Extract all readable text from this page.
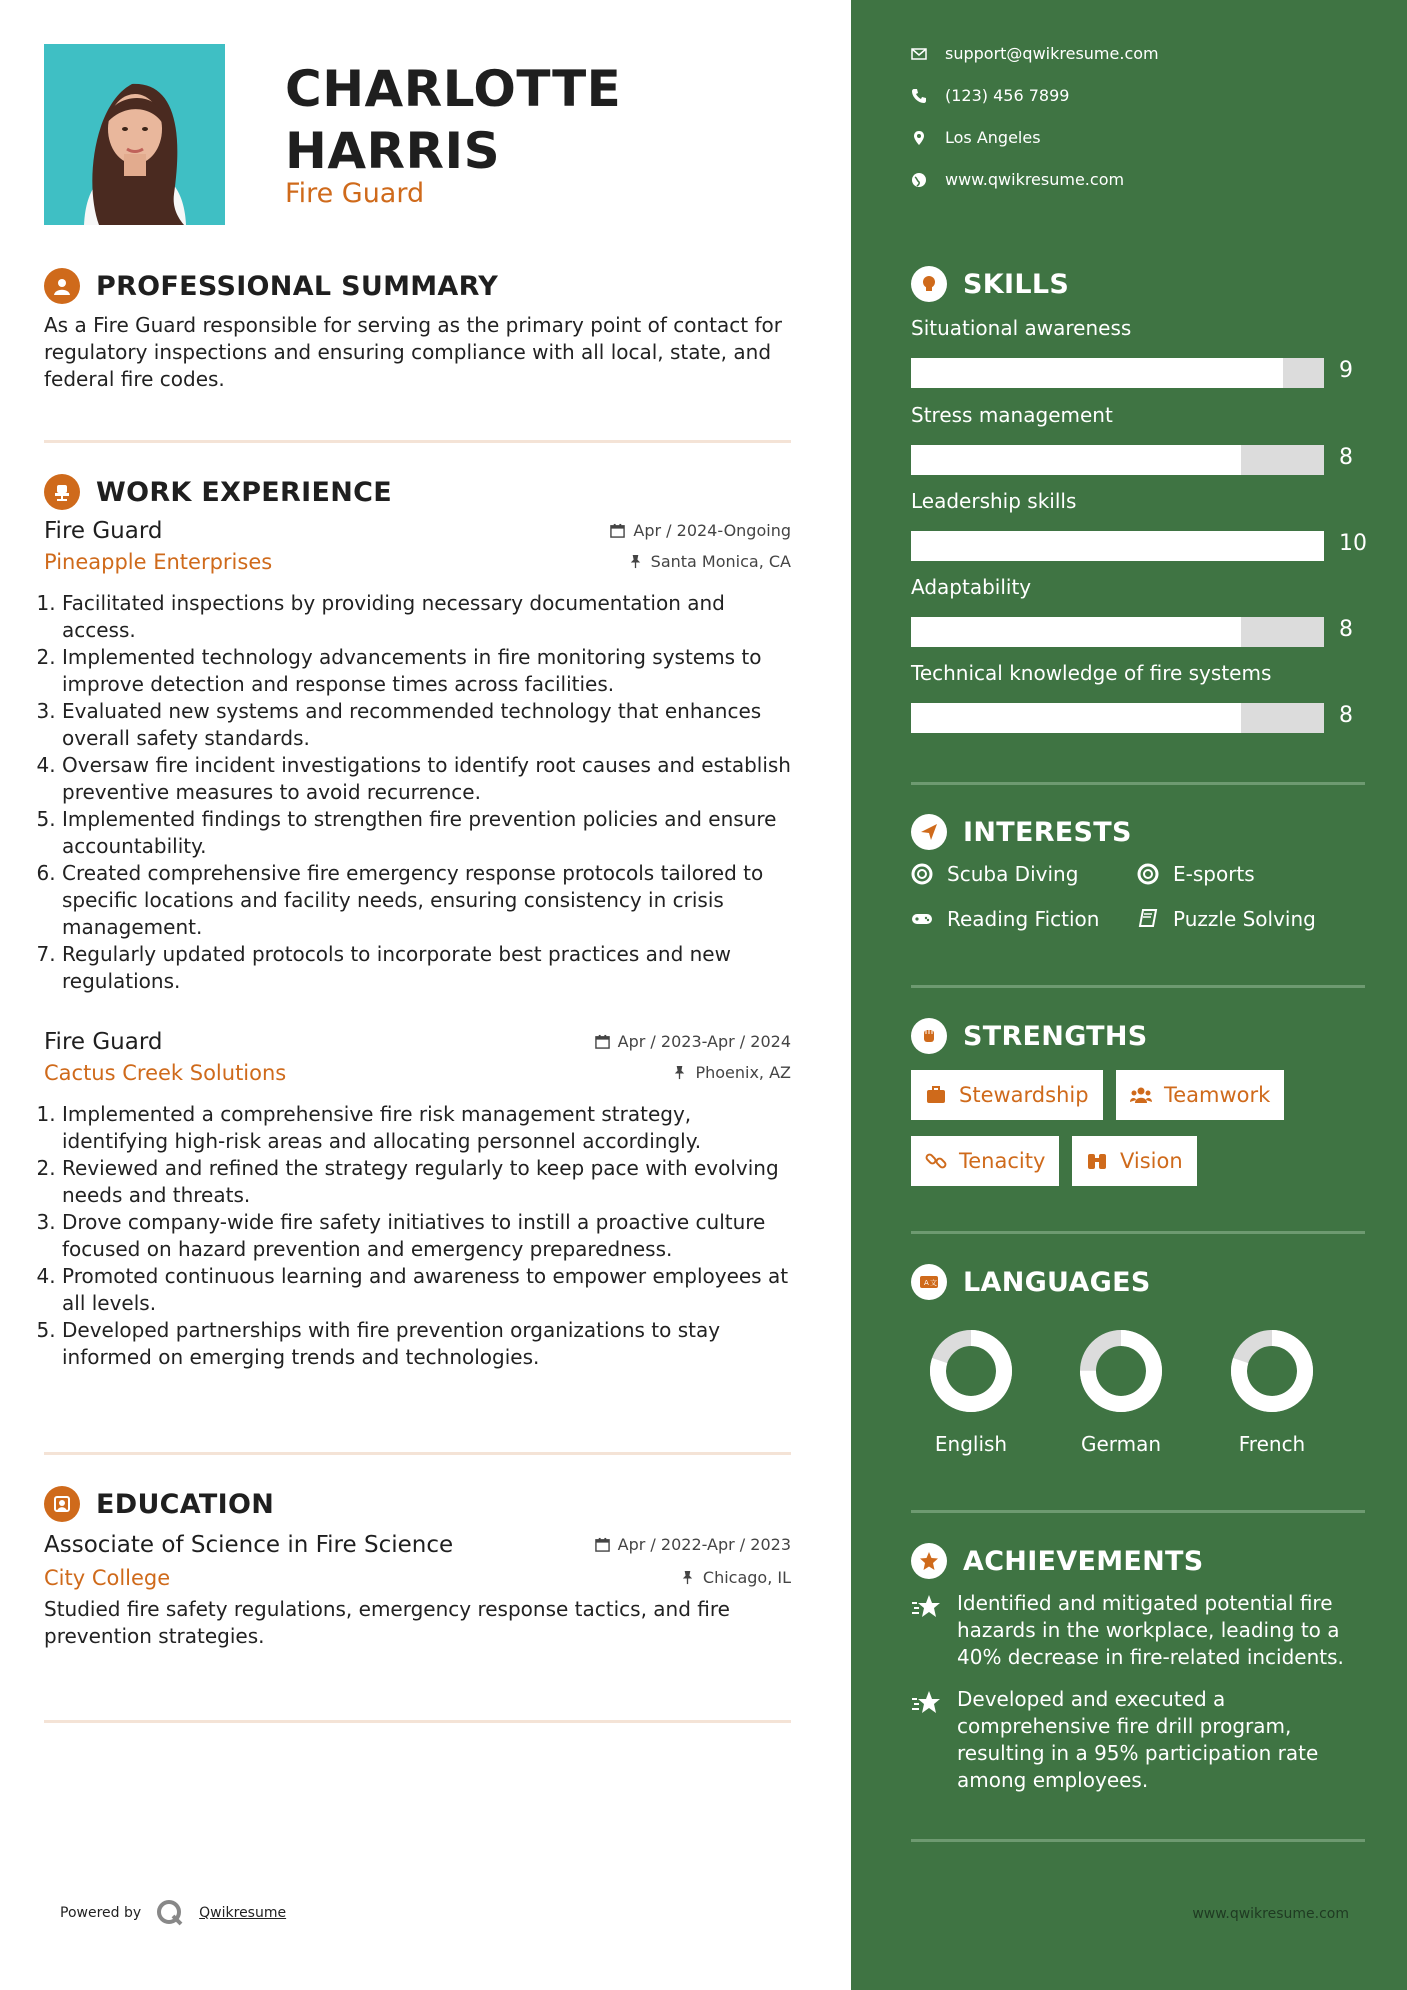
CHARLOTTE
HARRIS
Fire Guard
PROFESSIONAL SUMMARY

As a Fire Guard responsible for serving as the primary point of contact for regulatory inspections and ensuring compliance with all local, state, and federal fire codes.

WORK EXPERIENCE
Fire Guard	Apr / 2024-Ongoing
Pineapple Enterprises	Santa Monica, CA
1. Facilitated inspections by providing necessary documentation and access.
2. Implemented technology advancements in fire monitoring systems to improve detection and response times across facilities.
3. Evaluated new systems and recommended technology that enhances overall safety standards.
4. Oversaw fire incident investigations to identify root causes and establish preventive measures to avoid recurrence.
5. Implemented findings to strengthen fire prevention policies and ensure accountability.
6. Created comprehensive fire emergency response protocols tailored to specific locations and facility needs, ensuring consistency in crisis management.
7. Regularly updated protocols to incorporate best practices and new regulations.
Fire Guard	Apr / 2023-Apr / 2024
Cactus Creek Solutions	Phoenix, AZ
1. Implemented a comprehensive fire risk management strategy, identifying high-risk areas and allocating personnel accordingly.
2. Reviewed and refined the strategy regularly to keep pace with evolving needs and threats.
3. Drove company-wide fire safety initiatives to instill a proactive culture focused on hazard prevention and emergency preparedness.
4. Promoted continuous learning and awareness to empower employees at all levels.
5. Developed partnerships with fire prevention organizations to stay informed on emerging trends and technologies.
EDUCATION
Associate of Science in Fire Science	Apr / 2022-Apr / 2023
City College	Chicago, IL

Studied fire safety regulations, emergency response tactics, and fire prevention strategies.

Powered by	Qwikresume
support@qwikresume.com
(123) 456 7899
Los Angeles
www.qwikresume.com
SKILLS
Situational awareness
9
Stress management
8
Leadership skills
10
Adaptability
8
Technical knowledge of fire systems
8
INTERESTS
Scuba Diving	E-sports
Reading Fiction	Puzzle Solving
STRENGTHS
Stewardship	Teamwork
Tenacity	Vision
A 文 LANGUAGES
English	German	French
ACHIEVEMENTS
Identified and mitigated potential fire hazards in the workplace, leading to a 40% decrease in fire-related incidents.
Developed and executed a comprehensive fire drill program, resulting in a 95% participation rate among employees.
www.qwikresume.com
